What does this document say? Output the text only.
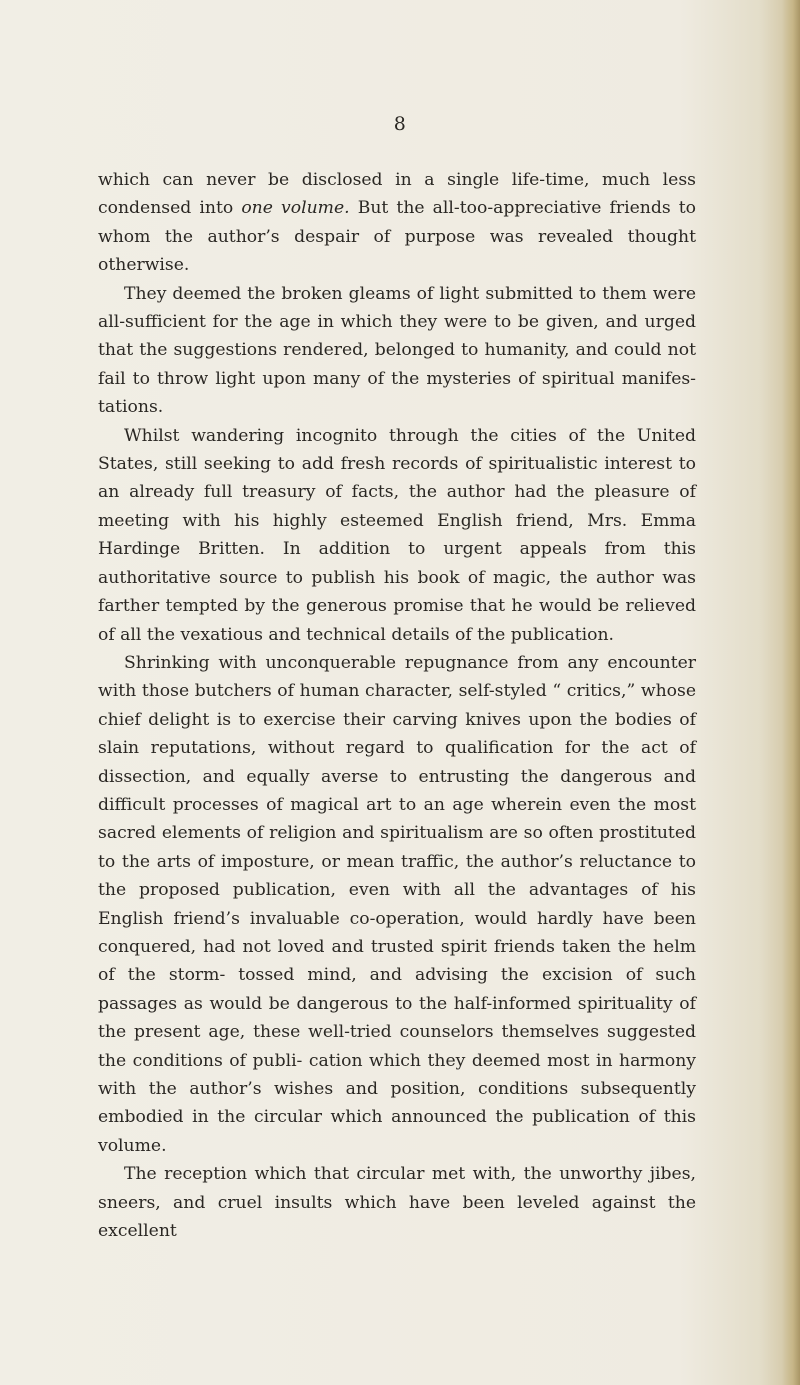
8

which can never be disclosed in a single life-time, much less condensed into one volume. But the all-too-appreciative friends to whom the author’s despair of purpose was revealed thought otherwise.

They deemed the broken gleams of light submitted to them were all-sufficient for the age in which they were to be given, and urged that the suggestions rendered, belonged to humanity, and could not fail to throw light upon many of the mysteries of spiritual manifes- tations.

Whilst wandering incognito through the cities of the United States, still seeking to add fresh records of spiritualistic interest to an already full treasury of facts, the author had the pleasure of meeting with his highly esteemed English friend, Mrs. Emma Hardinge Britten. In addition to urgent appeals from this authoritative source to publish his book of magic, the author was farther tempted by the generous promise that he would be relieved of all the vexatious and technical details of the publication.

Shrinking with unconquerable repugnance from any encounter with those butchers of human character, self-styled “ critics,” whose chief delight is to exercise their carving knives upon the bodies of slain reputations, without regard to qualification for the act of dissection, and equally averse to entrusting the dangerous and difficult processes of magical art to an age wherein even the most sacred elements of religion and spiritualism are so often prostituted to the arts of imposture, or mean traffic, the author’s reluctance to the proposed publication, even with all the advantages of his English friend’s invaluable co-operation, would hardly have been conquered, had not loved and trusted spirit friends taken the helm of the storm- tossed mind, and advising the excision of such passages as would be dangerous to the half-informed spirituality of the present age, these well-tried counselors themselves suggested the conditions of publi- cation which they deemed most in harmony with the author’s wishes and position, conditions subsequently embodied in the circular which announced the publication of this volume.

The reception which that circular met with, the unworthy jibes, sneers, and cruel insults which have been leveled against the excellent
